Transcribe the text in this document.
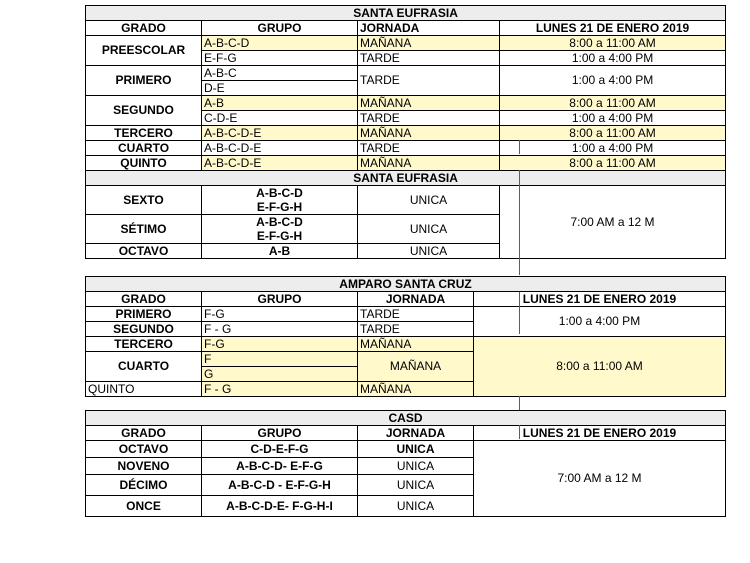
SANTA EUFRASIA			
GRADO	GRUPO	JORNADA	LUNES 21 DE ENERO 2019
PREESCOLAR	A-B-C-D	MAÑANA	8:00 a 11:00 AM
	E-F-G	TARDE	1:00 a 4:00 PM
PRIMERO	A-B-C	TARDE	1:00 a 4:00 PM
	D-E		
SEGUNDO	A-B	MAÑANA	8:00 a 11:00 AM
	C-D-E	TARDE	1:00 a 4:00 PM
TERCERO	A-B-C-D-E	MAÑANA	8:00 a 11:00 AM
CUARTO	A-B-C-D-E	TARDE	1:00 a 4:00 PM
QUINTO	A-B-C-D-E	MAÑANA	8:00 a 11:00 AM
SANTA EUFRASIA			
SEXTO	A-B-C-D	UNICA	7:00 AM a 12 M
	E-F-G-H		
SÉTIMO	A-B-C-D	UNICA	
	E-F-G-H		
OCTAVO	A-B	UNICA	
AMPARO SANTA CRUZ			
GRADO	GRUPO	JORNADA	LUNES 21 DE ENERO 2019
PRIMERO	F-G	TARDE	1:00 a 4:00 PM
SEGUNDO	F - G	TARDE	
TERCERO	F-G	MAÑANA	8:00 a 11:00 AM
CUARTO	F	MAÑANA	
	G		
QUINTO	F - G	MAÑANA	
CASD			
GRADO	GRUPO	JORNADA	LUNES 21 DE ENERO 2019
OCTAVO	C-D-E-F-G	UNICA	7:00 AM a 12 M
NOVENO	A-B-C-D- E-F-G	UNICA	
DÉCIMO	A-B-C-D - E-F-G-H	UNICA	
ONCE	A-B-C-D-E- F-G-H-I	UNICA	
